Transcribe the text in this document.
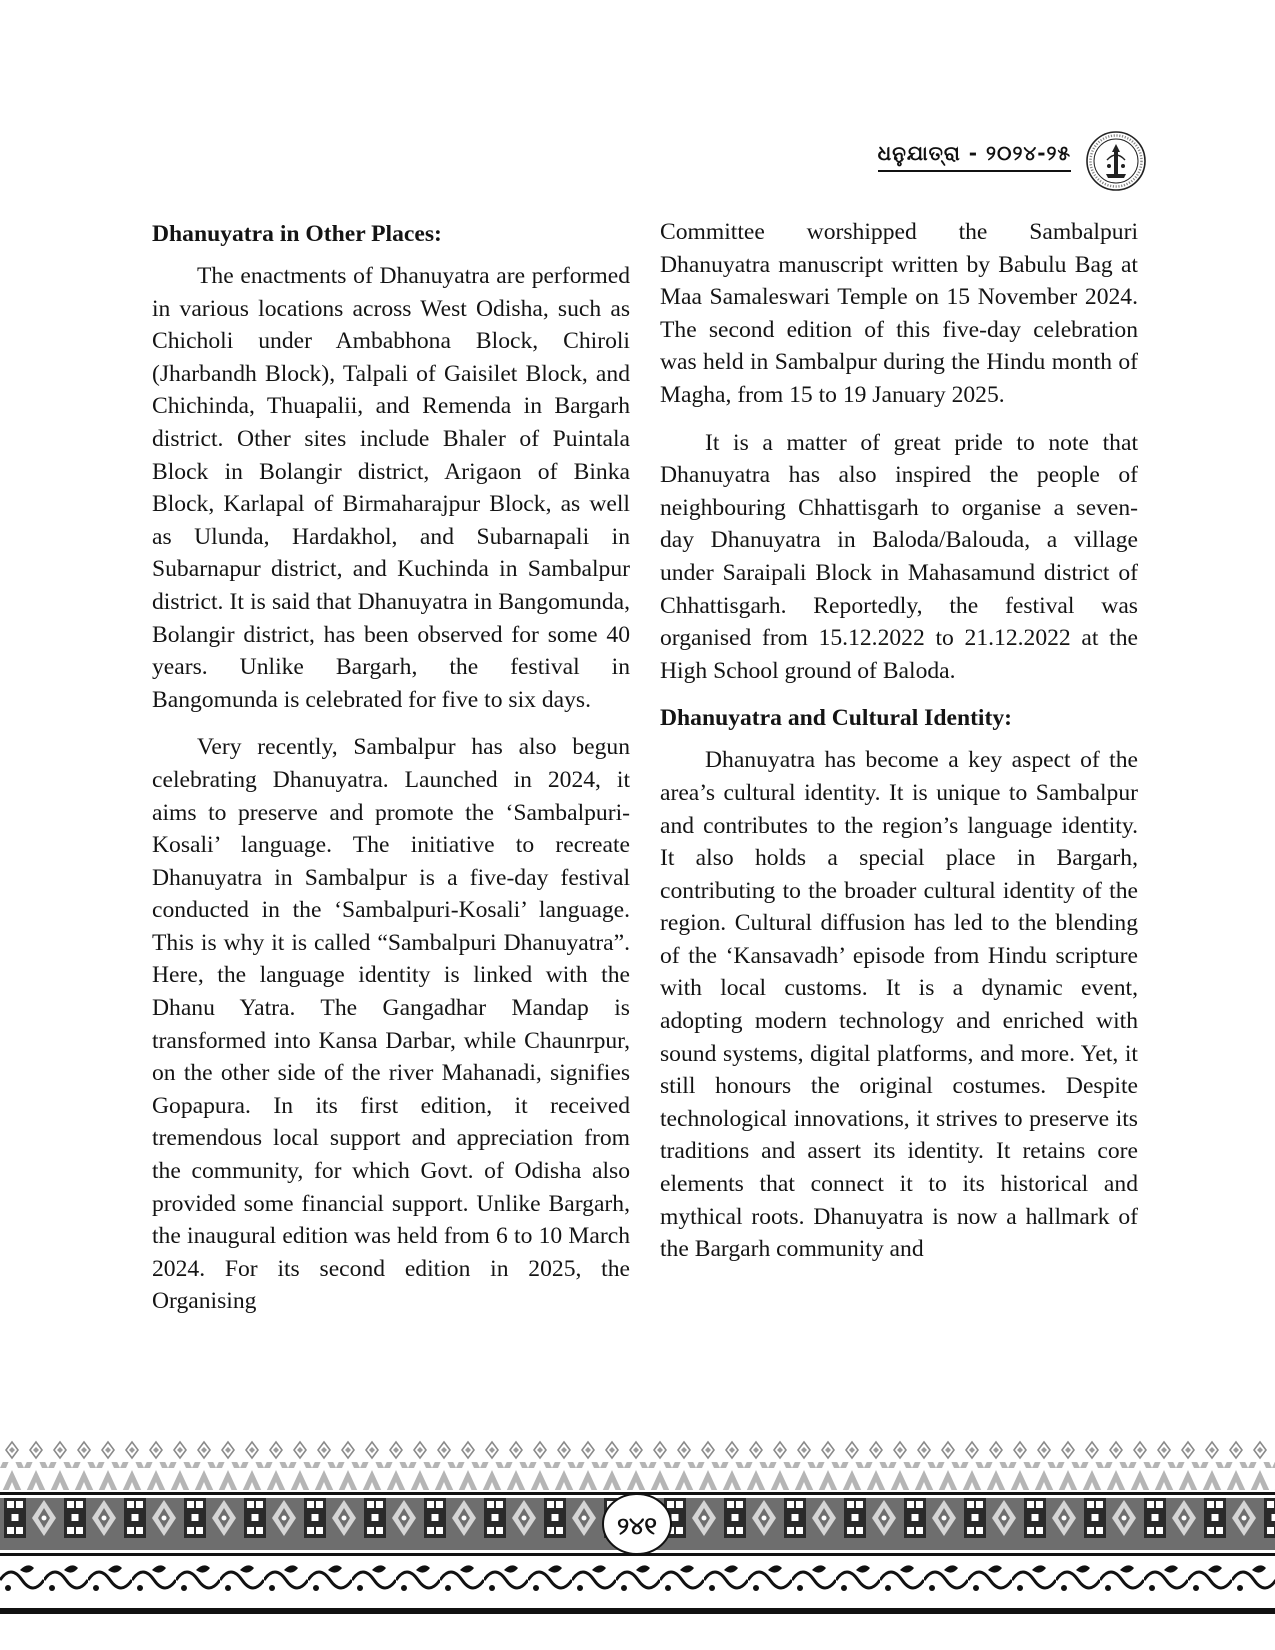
ଧନୁଯାତ୍ରା - ୨୦୨୪-୨୫
Dhanuyatra in Other Places:

The enactments of Dhanuyatra are performed in various locations across West Odisha, such as Chicholi under Ambabhona Block, Chiroli (Jharbandh Block), Talpali of Gaisilet Block, and Chichinda, Thuapalii, and Remenda in Bargarh district. Other sites include Bhaler of Puintala Block in Bolangir district, Arigaon of Binka Block, Karlapal of Birmaharajpur Block, as well as Ulunda, Hardakhol, and Subarnapali in Subarnapur district, and Kuchinda in Sambalpur district. It is said that Dhanuyatra in Bangomunda, Bolangir district, has been observed for some 40 years. Unlike Bargarh, the festival in Bangomunda is celebrated for five to six days.

Very recently, Sambalpur has also begun celebrating Dhanuyatra. Launched in 2024, it aims to preserve and promote the ‘Sambalpuri-Kosali’ language. The initiative to recreate Dhanuyatra in Sambalpur is a five-day festival conducted in the ‘Sambalpuri-Kosali’ language. This is why it is called “Sambalpuri Dhanuyatra”. Here, the language identity is linked with the Dhanu Yatra. The Gangadhar Mandap is transformed into Kansa Darbar, while Chaunrpur, on the other side of the river Mahanadi, signifies Gopapura. In its first edition, it received tremendous local support and appreciation from the community, for which Govt. of Odisha also provided some financial support. Unlike Bargarh, the inaugural edition was held from 6 to 10 March 2024. For its second edition in 2025, the Organising

Committee worshipped the Sambalpuri Dhanuyatra manuscript written by Babulu Bag at Maa Samaleswari Temple on 15 November 2024. The second edition of this five-day celebration was held in Sambalpur during the Hindu month of Magha, from 15 to 19 January 2025.

It is a matter of great pride to note that Dhanuyatra has also inspired the people of neighbouring Chhattisgarh to organise a seven-day Dhanuyatra in Baloda/Balouda, a village under Saraipali Block in Mahasamund district of Chhattisgarh. Reportedly, the festival was organised from 15.12.2022 to 21.12.2022 at the High School ground of Baloda.

Dhanuyatra and Cultural Identity:

Dhanuyatra has become a key aspect of the area’s cultural identity. It is unique to Sambalpur and contributes to the region’s language identity. It also holds a special place in Bargarh, contributing to the broader cultural identity of the region. Cultural diffusion has led to the blending of the ‘Kansavadh’ episode from Hindu scripture with local customs. It is a dynamic event, adopting modern technology and enriched with sound systems, digital platforms, and more. Yet, it still honours the original costumes. Despite technological innovations, it strives to preserve its traditions and assert its identity. It retains core elements that connect it to its historical and mythical roots. Dhanuyatra is now a hallmark of the Bargarh community and

୨୪୧
